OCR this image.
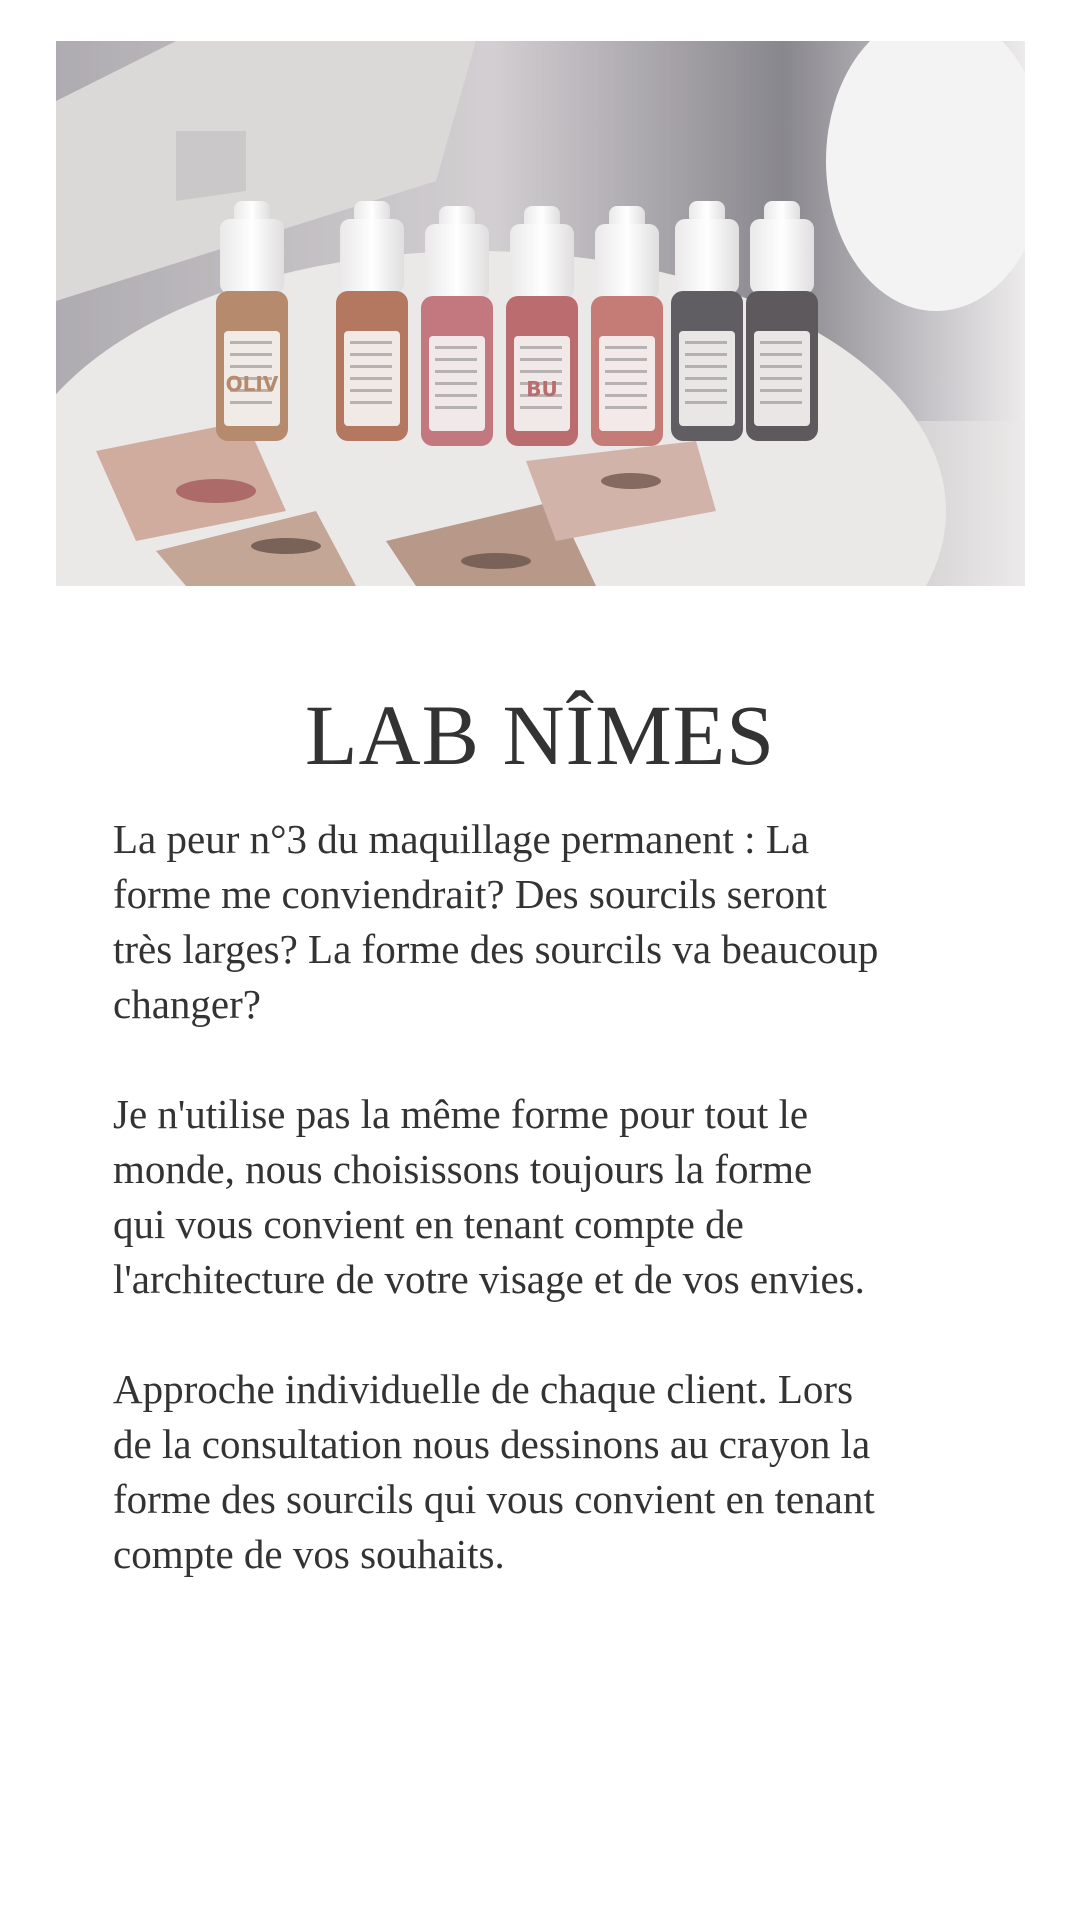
OLIV	BU
LAB NÎMES

La peur n°3 du maquillage permanent : La
forme me conviendrait? Des sourcils seront
très larges? La forme des sourcils va beaucoup
changer?

Je n'utilise pas la même forme pour tout le
monde, nous choisissons toujours la forme
qui vous convient en tenant compte de
l'architecture de votre visage et de vos envies.

Approche individuelle de chaque client. Lors
de la consultation nous dessinons au crayon la
forme des sourcils qui vous convient en tenant
compte de vos souhaits.
